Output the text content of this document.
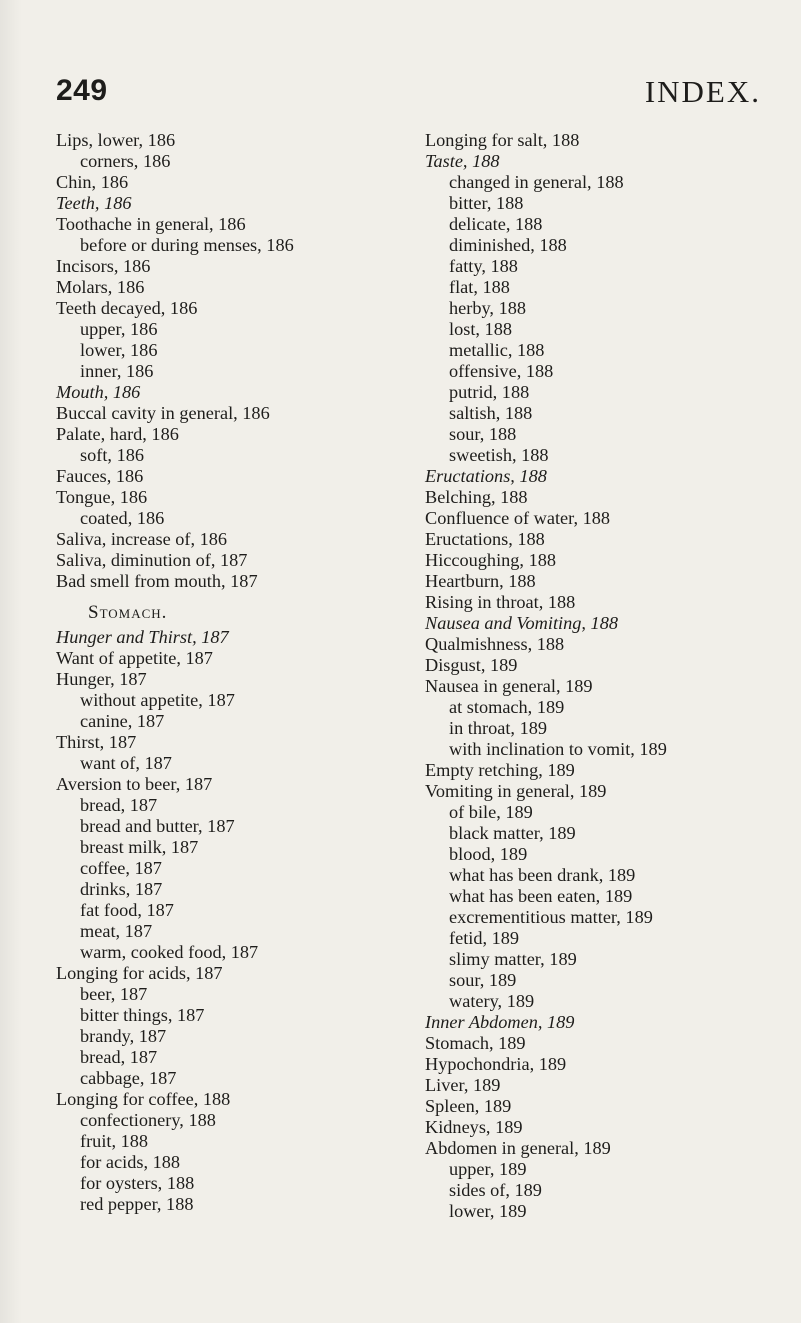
249	INDEX.
Lips, lower, 186
corners, 186
Chin, 186
Teeth, 186
Toothache in general, 186
before or during menses, 186
Incisors, 186
Molars, 186
Teeth decayed, 186
upper, 186
lower, 186
inner, 186
Mouth, 186
Buccal cavity in general, 186
Palate, hard, 186
soft, 186
Fauces, 186
Tongue, 186
coated, 186
Saliva, increase of, 186
Saliva, diminution of, 187
Bad smell from mouth, 187
Stomach.
Hunger and Thirst, 187
Want of appetite, 187
Hunger, 187
without appetite, 187
canine, 187
Thirst, 187
want of, 187
Aversion to beer, 187
bread, 187
bread and butter, 187
breast milk, 187
coffee, 187
drinks, 187
fat food, 187
meat, 187
warm, cooked food, 187
Longing for acids, 187
beer, 187
bitter things, 187
brandy, 187
bread, 187
cabbage, 187
Longing for coffee, 188
confectionery, 188
fruit, 188
for acids, 188
for oysters, 188
red pepper, 188
Longing for salt, 188
Taste, 188
changed in general, 188
bitter, 188
delicate, 188
diminished, 188
fatty, 188
flat, 188
herby, 188
lost, 188
metallic, 188
offensive, 188
putrid, 188
saltish, 188
sour, 188
sweetish, 188
Eructations, 188
Belching, 188
Confluence of water, 188
Eructations, 188
Hiccoughing, 188
Heartburn, 188
Rising in throat, 188
Nausea and Vomiting, 188
Qualmishness, 188
Disgust, 189
Nausea in general, 189
at stomach, 189
in throat, 189
with inclination to vomit, 189
Empty retching, 189
Vomiting in general, 189
of bile, 189
black matter, 189
blood, 189
what has been drank, 189
what has been eaten, 189
excrementitious matter, 189
fetid, 189
slimy matter, 189
sour, 189
watery, 189
Inner Abdomen, 189
Stomach, 189
Hypochondria, 189
Liver, 189
Spleen, 189
Kidneys, 189
Abdomen in general, 189
upper, 189
sides of, 189
lower, 189
